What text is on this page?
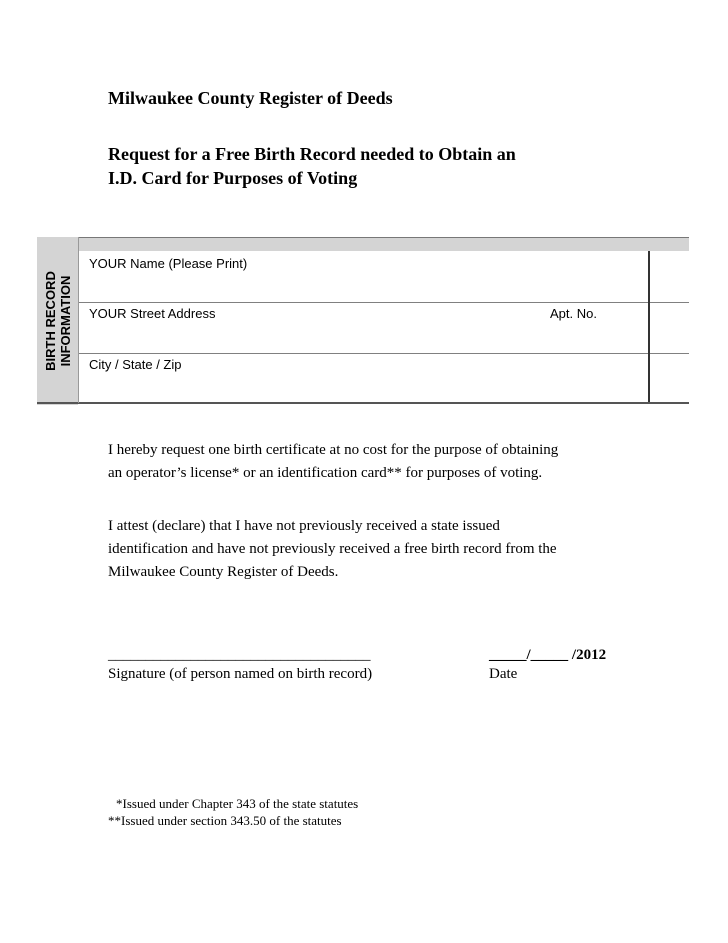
Milwaukee County Register of Deeds
Request for a Free Birth Record needed to Obtain an
I.D. Card for Purposes of Voting
BIRTH RECORD INFORMATION
YOUR Name (Please Print)
YOUR Street Address	Apt. No.
City / State / Zip
I hereby request one birth certificate at no cost for the purpose of obtaining
an operator’s license* or an identification card** for purposes of voting.
I attest (declare) that I have not previously received a state issued
identification and have not previously received a free birth record from the
Milwaukee County Register of Deeds.
___________________________________
Signature (of person named on birth record)
_____/_____ /2012
Date
*Issued under Chapter 343 of the state statutes
**Issued under section 343.50 of the statutes
